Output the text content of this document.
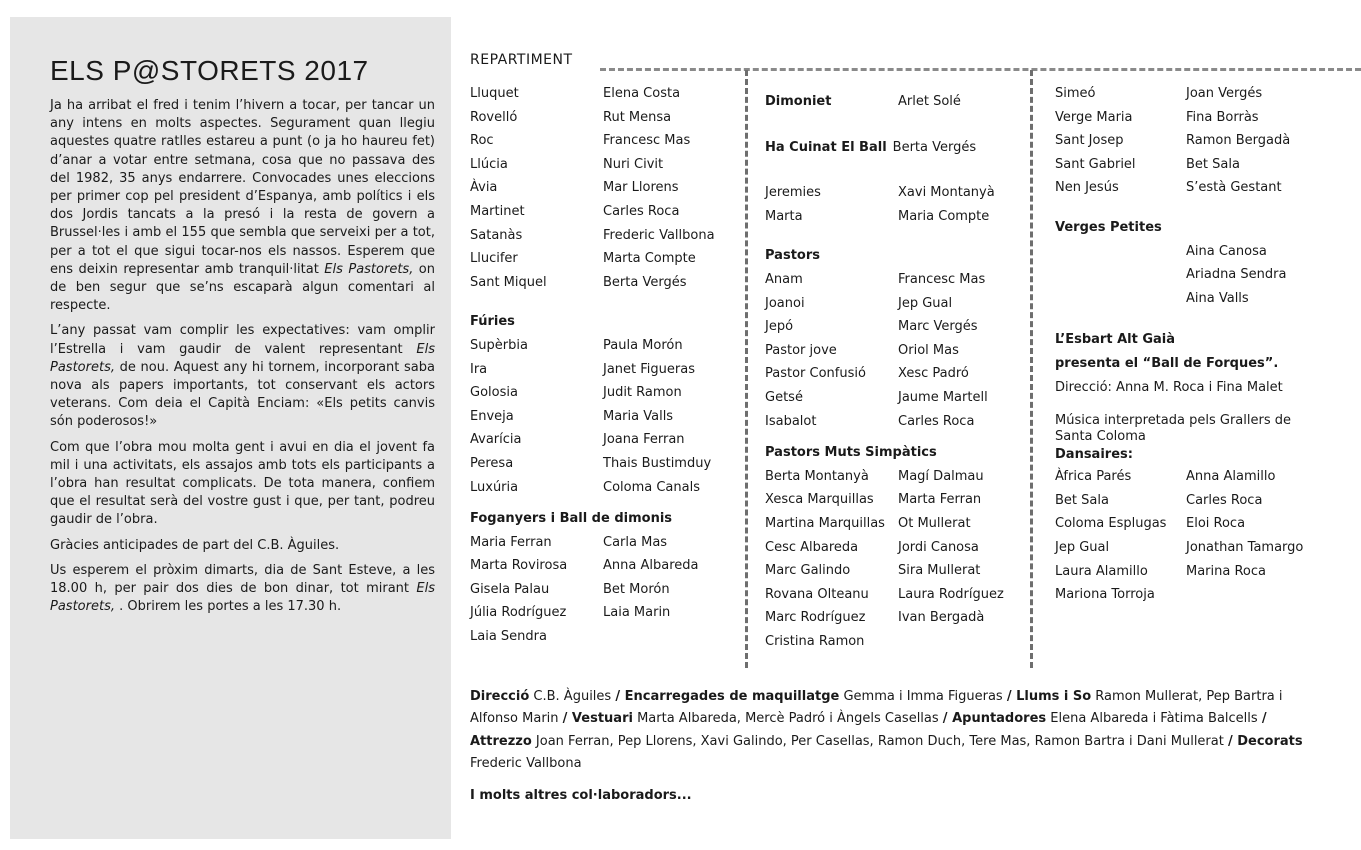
ELS P@STORETS 2017

Ja ha arribat el fred i tenim l’hivern a tocar, per tancar un any intens en molts aspectes. Segurament quan llegiu aquestes quatre ratlles estareu a punt (o ja ho haureu fet) d’anar a votar entre setmana, cosa que no passava des del 1982, 35 anys endarrere. Convocades unes eleccions per primer cop pel president d’Espanya, amb polítics i els dos Jordis tancats a la presó i la resta de govern a Brussel·les i amb el 155 que sembla que serveixi per a tot, per a tot el que sigui tocar-nos els nassos. Esperem que ens deixin representar amb tranquil·litat Els Pastorets, on de ben segur que se’ns escaparà algun comentari al respecte.

L’any passat vam complir les expectatives: vam omplir l’Estrella i vam gaudir de valent representant Els Pastorets, de nou. Aquest any hi tornem, incorporant saba nova als papers importants, tot conservant els actors veterans. Com deia el Capità Enciam: «Els petits canvis són poderosos!»

Com que l’obra mou molta gent i avui en dia el jovent fa mil i una activitats, els assajos amb tots els participants a l’obra han resultat complicats. De tota manera, confiem que el resultat serà del vostre gust i que, per tant, podreu gaudir de l’obra.

Gràcies anticipades de part del C.B. Àguiles.

Us esperem el pròxim dimarts, dia de Sant Esteve, a les 18.00 h, per pair dos dies de bon dinar, tot mirant Els Pastorets, . Obrirem les portes a les 17.30 h.

REPARTIMENT
Lluquet	Elena Costa
Rovelló	Rut Mensa
Roc	Francesc Mas
Llúcia	Nuri Civit
Àvia	Mar Llorens
Martinet	Carles Roca
Satanàs	Frederic Vallbona
Llucifer	Marta Compte
Sant Miquel	Berta Vergés
Fúries
Supèrbia	Paula Morón
Ira	Janet Figueras
Golosia	Judit Ramon
Enveja	Maria Valls
Avarícia	Joana Ferran
Peresa	Thais Bustimduy
Luxúria	Coloma Canals
Foganyers i Ball de dimonis
Maria Ferran	Carla Mas
Marta Rovirosa	Anna Albareda
Gisela Palau	Bet Morón
Júlia Rodríguez	Laia Marin
Laia Sendra
Dimoniet	Arlet Solé
Ha Cuinat El Ball Berta Vergés
Jeremies	Xavi Montanyà
Marta	Maria Compte
Pastors
Anam	Francesc Mas
Joanoi	Jep Gual
Jepó	Marc Vergés
Pastor jove	Oriol Mas
Pastor Confusió	Xesc Padró
Getsé	Jaume Martell
Isabalot	Carles Roca
Pastors Muts Simpàtics
Berta Montanyà	Magí Dalmau
Xesca Marquillas	Marta Ferran
Martina Marquillas	Ot Mullerat
Cesc Albareda	Jordi Canosa
Marc Galindo	Sira Mullerat
Rovana Olteanu	Laura Rodríguez
Marc Rodríguez	Ivan Bergadà
Cristina Ramon
Simeó	Joan Vergés
Verge Maria	Fina Borràs
Sant Josep	Ramon Bergadà
Sant Gabriel	Bet Sala
Nen Jesús	S’està Gestant
Verges Petites
Aina Canosa
Ariadna Sendra
Aina Valls
L’Esbart Alt Gaià
presenta el “Ball de Forques”.
Direcció: Anna M. Roca i Fina Malet
Música interpretada pels Grallers de
Santa Coloma
Dansaires:
Àfrica Parés	Anna Alamillo
Bet Sala	Carles Roca
Coloma Esplugas	Eloi Roca
Jep Gual	Jonathan Tamargo
Laura Alamillo	Marina Roca
Mariona Torroja
Direcció C.B. Àguiles / Encarregades de maquillatge Gemma i Imma Figueras / Llums i So Ramon Mullerat, Pep Bartra i Alfonso Marin / Vestuari Marta Albareda, Mercè Padró i Àngels Casellas / Apuntadores Elena Albareda i Fàtima Balcells / Attrezzo Joan Ferran, Pep Llorens, Xavi Galindo, Per Casellas, Ramon Duch, Tere Mas, Ramon Bartra i Dani Mullerat / Decorats Frederic Vallbona
I molts altres col·laboradors...
